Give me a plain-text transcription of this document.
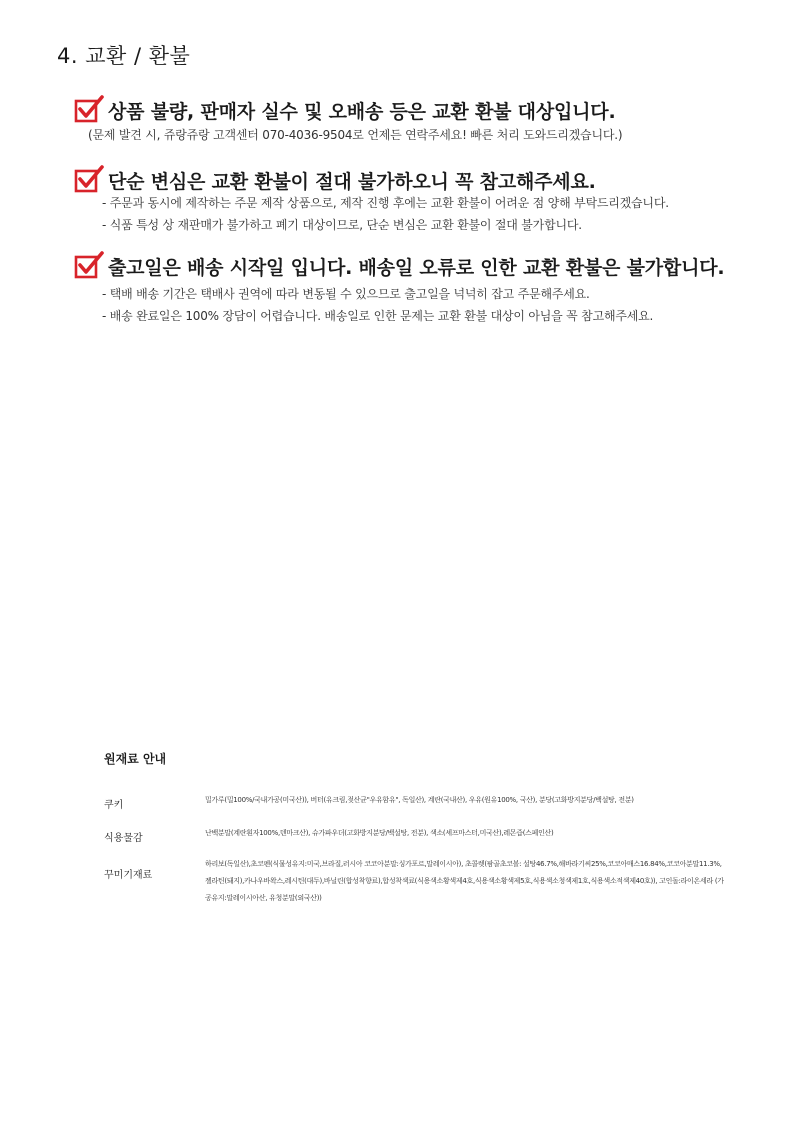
4. 교환 / 환불
상품 불량, 판매자 실수 및 오배송 등은 교환 환불 대상입니다.
(문제 발견 시, 쥬랑쥬랑 고객센터 070-4036-9504로 언제든 연락주세요! 빠른 처리 도와드리겠습니다.)
단순 변심은 교환 환불이 절대 불가하오니 꼭 참고해주세요.
- 주문과 동시에 제작하는 주문 제작 상품으로, 제작 진행 후에는 교환 환불이 어려운 점 양해 부탁드리겠습니다.
- 식품 특성 상 재판매가 불가하고 폐기 대상이므로, 단순 변심은 교환 환불이 절대 불가합니다.
출고일은 배송 시작일 입니다. 배송일 오류로 인한 교환 환불은 불가합니다.
- 택배 배송 기간은 택배사 권역에 따라 변동될 수 있으므로 출고일을 넉넉히 잡고 주문해주세요.
- 배송 완료일은 100% 장담이 어렵습니다. 배송일로 인한 문제는 교환 환불 대상이 아님을 꼭 참고해주세요.
원재료 안내
쿠키	밀가루(밀100%/국내가공(미국산)), 버터(유크림,젖산균"우유함유", 독일산), 계란(국내산), 우유(원유100%, 국산), 분당(고화방지분당/백설탕, 전분)
식용물감	난백분말(계란흰자100%,덴마크산), 슈가파우더(고화방지분당/백설탕, 전분), 색소(셰프마스터,미국산),레몬즙(스페인산)
꾸미기재료
하리보(독일산),초코펜(식물성유지:미국,브라질,러시아 코코아분말:싱가포르,말레이시아), 초콜렛(팜골초코볼: 설탕46.7%,해바라기씨25%,코코아매스16.84%,코코아분말11.3%,젤라틴(돼지),카나우바왁스,레시틴(대두),바닐린(합성착향료),합성착색료(식용색소황색제4호,식용색소황색제5호,식용색소청색제1호,식용색소적색제40호)), 고인돌:라이온세라 (가공유지:말레이시아산, 유청분말(외국산))
